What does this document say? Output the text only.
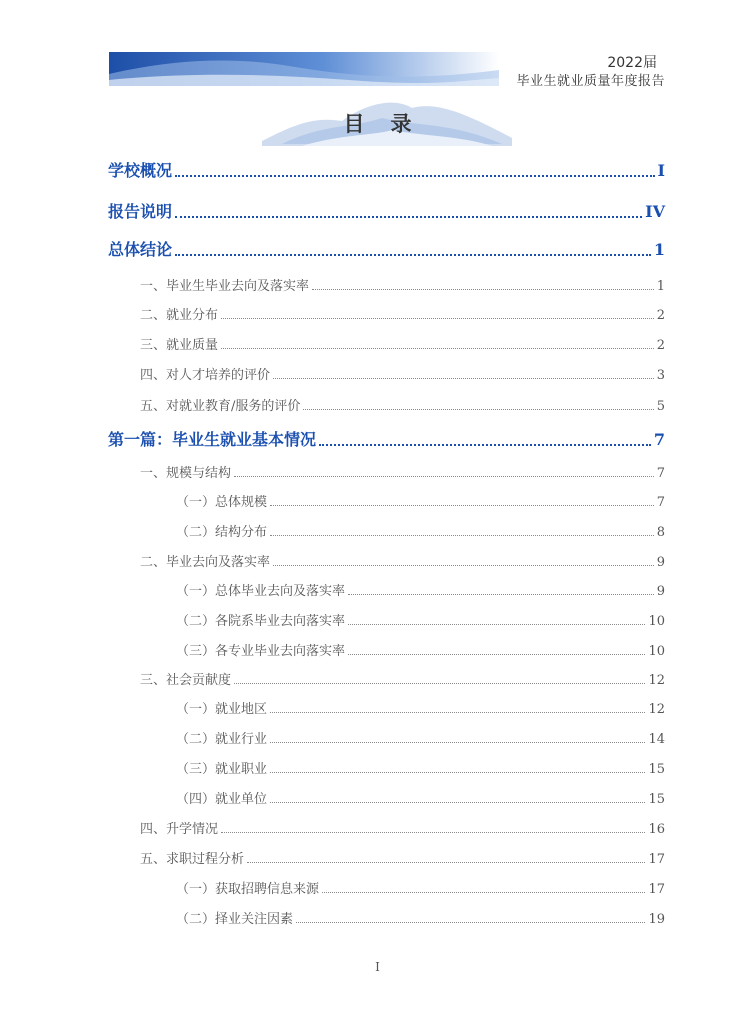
2022届
毕业生就业质量年度报告
目录
学校概况	I
报告说明	IV
总体结论	1
一、毕业生毕业去向及落实率	1
二、就业分布	2
三、就业质量	2
四、对人才培养的评价	3
五、对就业教育/服务的评价	5
第一篇：毕业生就业基本情况	7
一、规模与结构	7
（一）总体规模	7
（二）结构分布	8
二、毕业去向及落实率	9
（一）总体毕业去向及落实率	9
（二）各院系毕业去向落实率	10
（三）各专业毕业去向落实率	10
三、社会贡献度	12
（一）就业地区	12
（二）就业行业	14
（三）就业职业	15
（四）就业单位	15
四、升学情况	16
五、求职过程分析	17
（一）获取招聘信息来源	17
（二）择业关注因素	19
I
